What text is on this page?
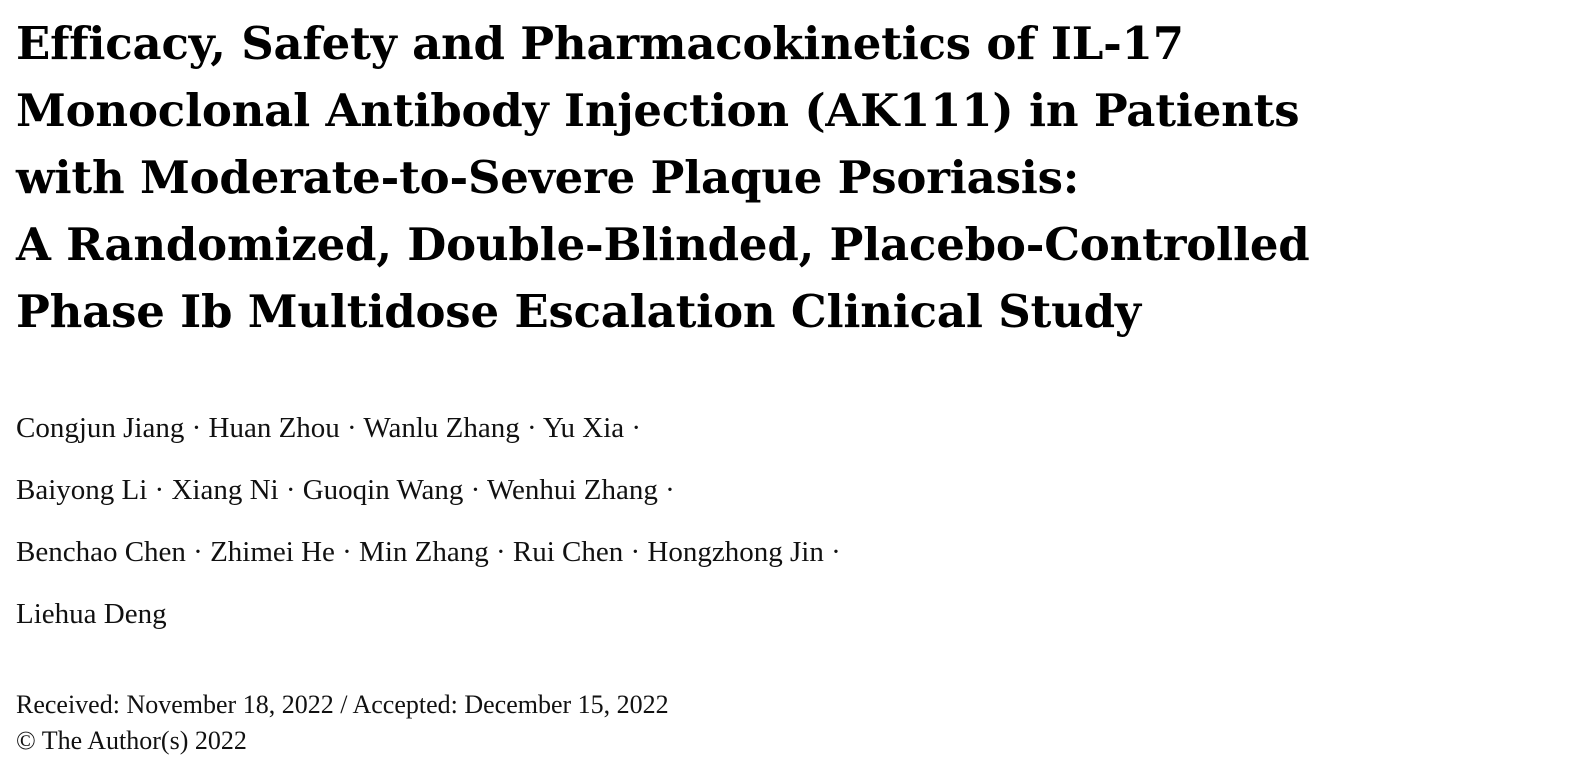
Efficacy, Safety and Pharmacokinetics of IL-17
Monoclonal Antibody Injection (AK111) in Patients
with Moderate-to-Severe Plaque Psoriasis:
A Randomized, Double-Blinded, Placebo-Controlled
Phase Ib Multidose Escalation Clinical Study
Congjun Jiang · Huan Zhou · Wanlu Zhang · Yu Xia ·
Baiyong Li · Xiang Ni · Guoqin Wang · Wenhui Zhang ·
Benchao Chen · Zhimei He · Min Zhang · Rui Chen · Hongzhong Jin ·
Liehua Deng
Received: November 18, 2022 / Accepted: December 15, 2022
© The Author(s) 2022
